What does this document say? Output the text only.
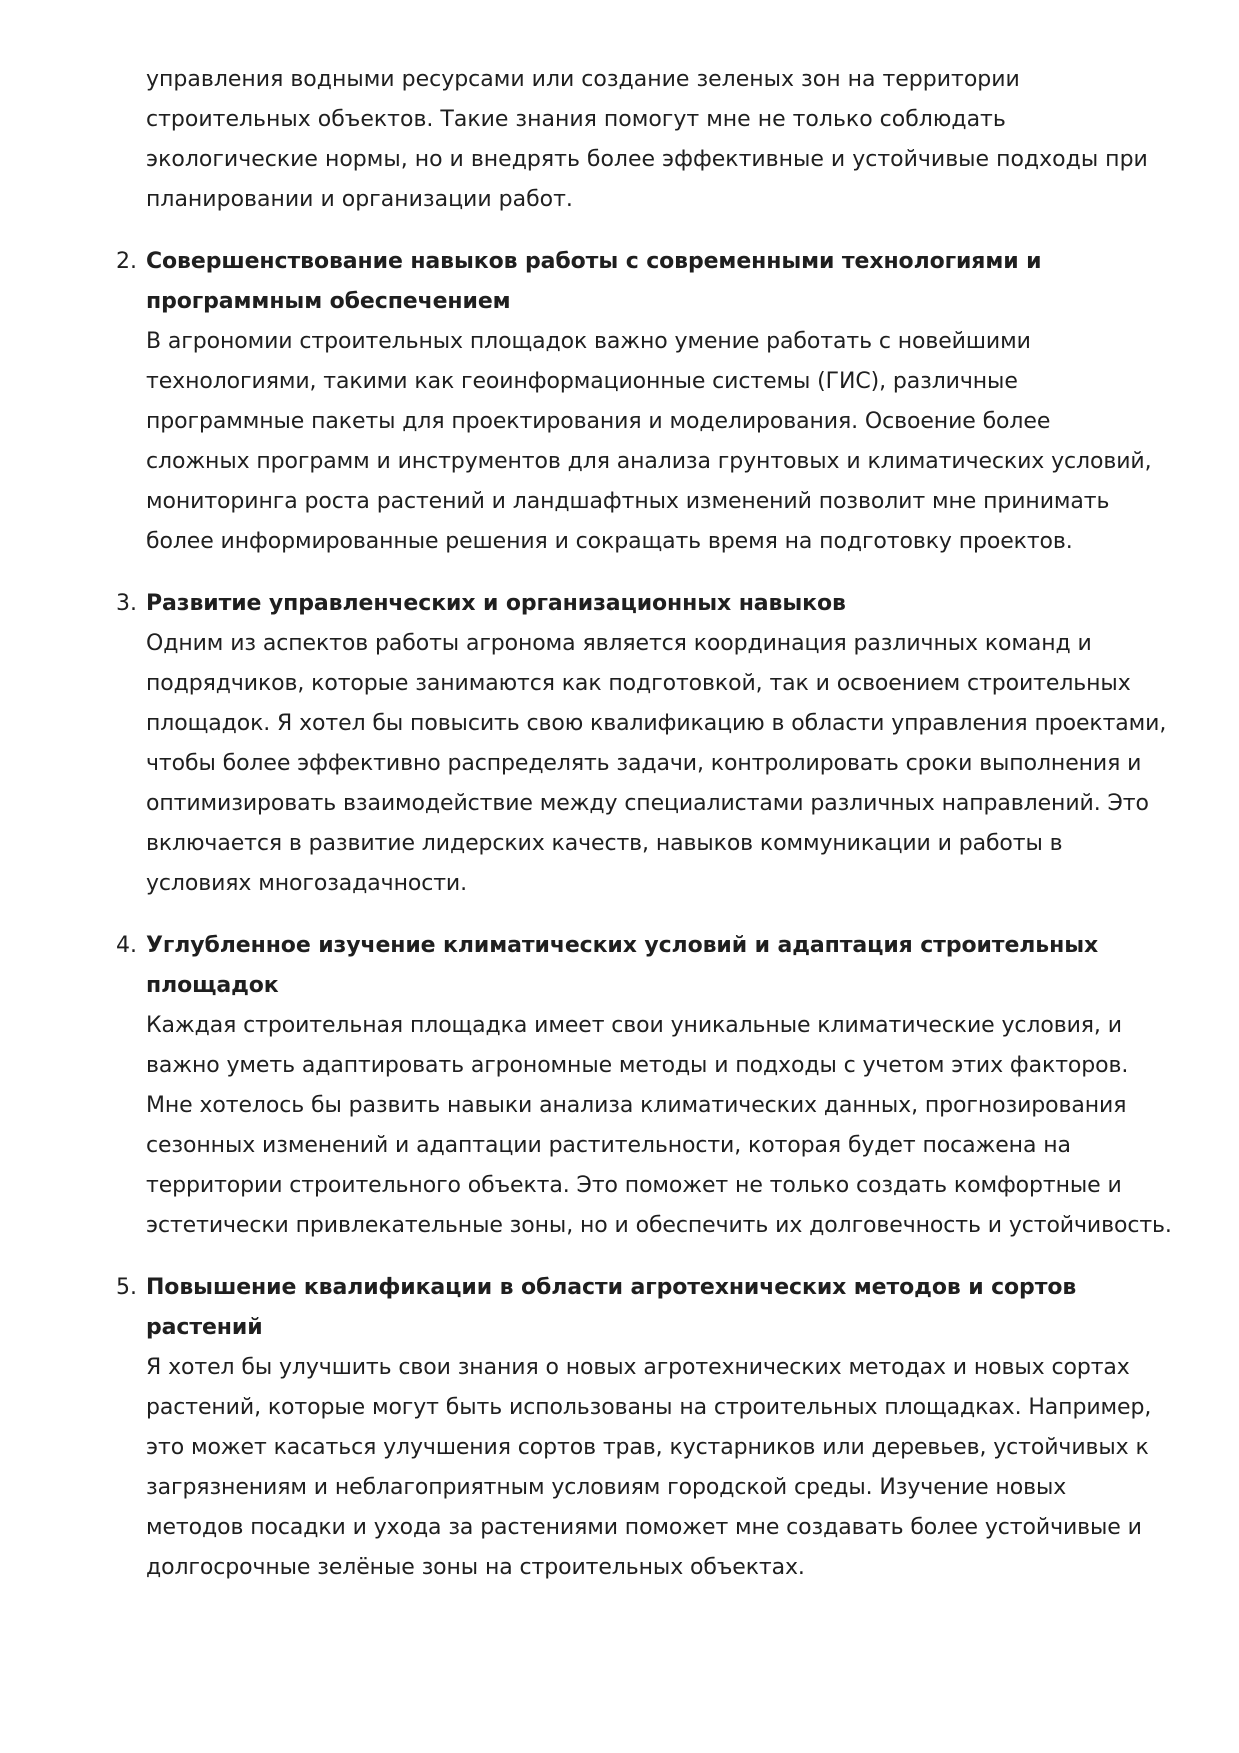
управления водными ресурсами или создание зеленых зон на территории
строительных объектов. Такие знания помогут мне не только соблюдать
экологические нормы, но и внедрять более эффективные и устойчивые подходы при
планировании и организации работ.

2. Совершенствование навыков работы с современными технологиями и
программным обеспечением

В агрономии строительных площадок важно умение работать с новейшими
технологиями, такими как геоинформационные системы (ГИС), различные
программные пакеты для проектирования и моделирования. Освоение более
сложных программ и инструментов для анализа грунтовых и климатических условий,
мониторинга роста растений и ландшафтных изменений позволит мне принимать
более информированные решения и сокращать время на подготовку проектов.

3. Развитие управленческих и организационных навыков

Одним из аспектов работы агронома является координация различных команд и
подрядчиков, которые занимаются как подготовкой, так и освоением строительных
площадок. Я хотел бы повысить свою квалификацию в области управления проектами,
чтобы более эффективно распределять задачи, контролировать сроки выполнения и
оптимизировать взаимодействие между специалистами различных направлений. Это
включается в развитие лидерских качеств, навыков коммуникации и работы в
условиях многозадачности.

4. Углубленное изучение климатических условий и адаптация строительных
площадок

Каждая строительная площадка имеет свои уникальные климатические условия, и
важно уметь адаптировать агрономные методы и подходы с учетом этих факторов.
Мне хотелось бы развить навыки анализа климатических данных, прогнозирования
сезонных изменений и адаптации растительности, которая будет посажена на
территории строительного объекта. Это поможет не только создать комфортные и
эстетически привлекательные зоны, но и обеспечить их долговечность и устойчивость.

5. Повышение квалификации в области агротехнических методов и сортов
растений

Я хотел бы улучшить свои знания о новых агротехнических методах и новых сортах
растений, которые могут быть использованы на строительных площадках. Например,
это может касаться улучшения сортов трав, кустарников или деревьев, устойчивых к
загрязнениям и неблагоприятным условиям городской среды. Изучение новых
методов посадки и ухода за растениями поможет мне создавать более устойчивые и
долгосрочные зелёные зоны на строительных объектах.
